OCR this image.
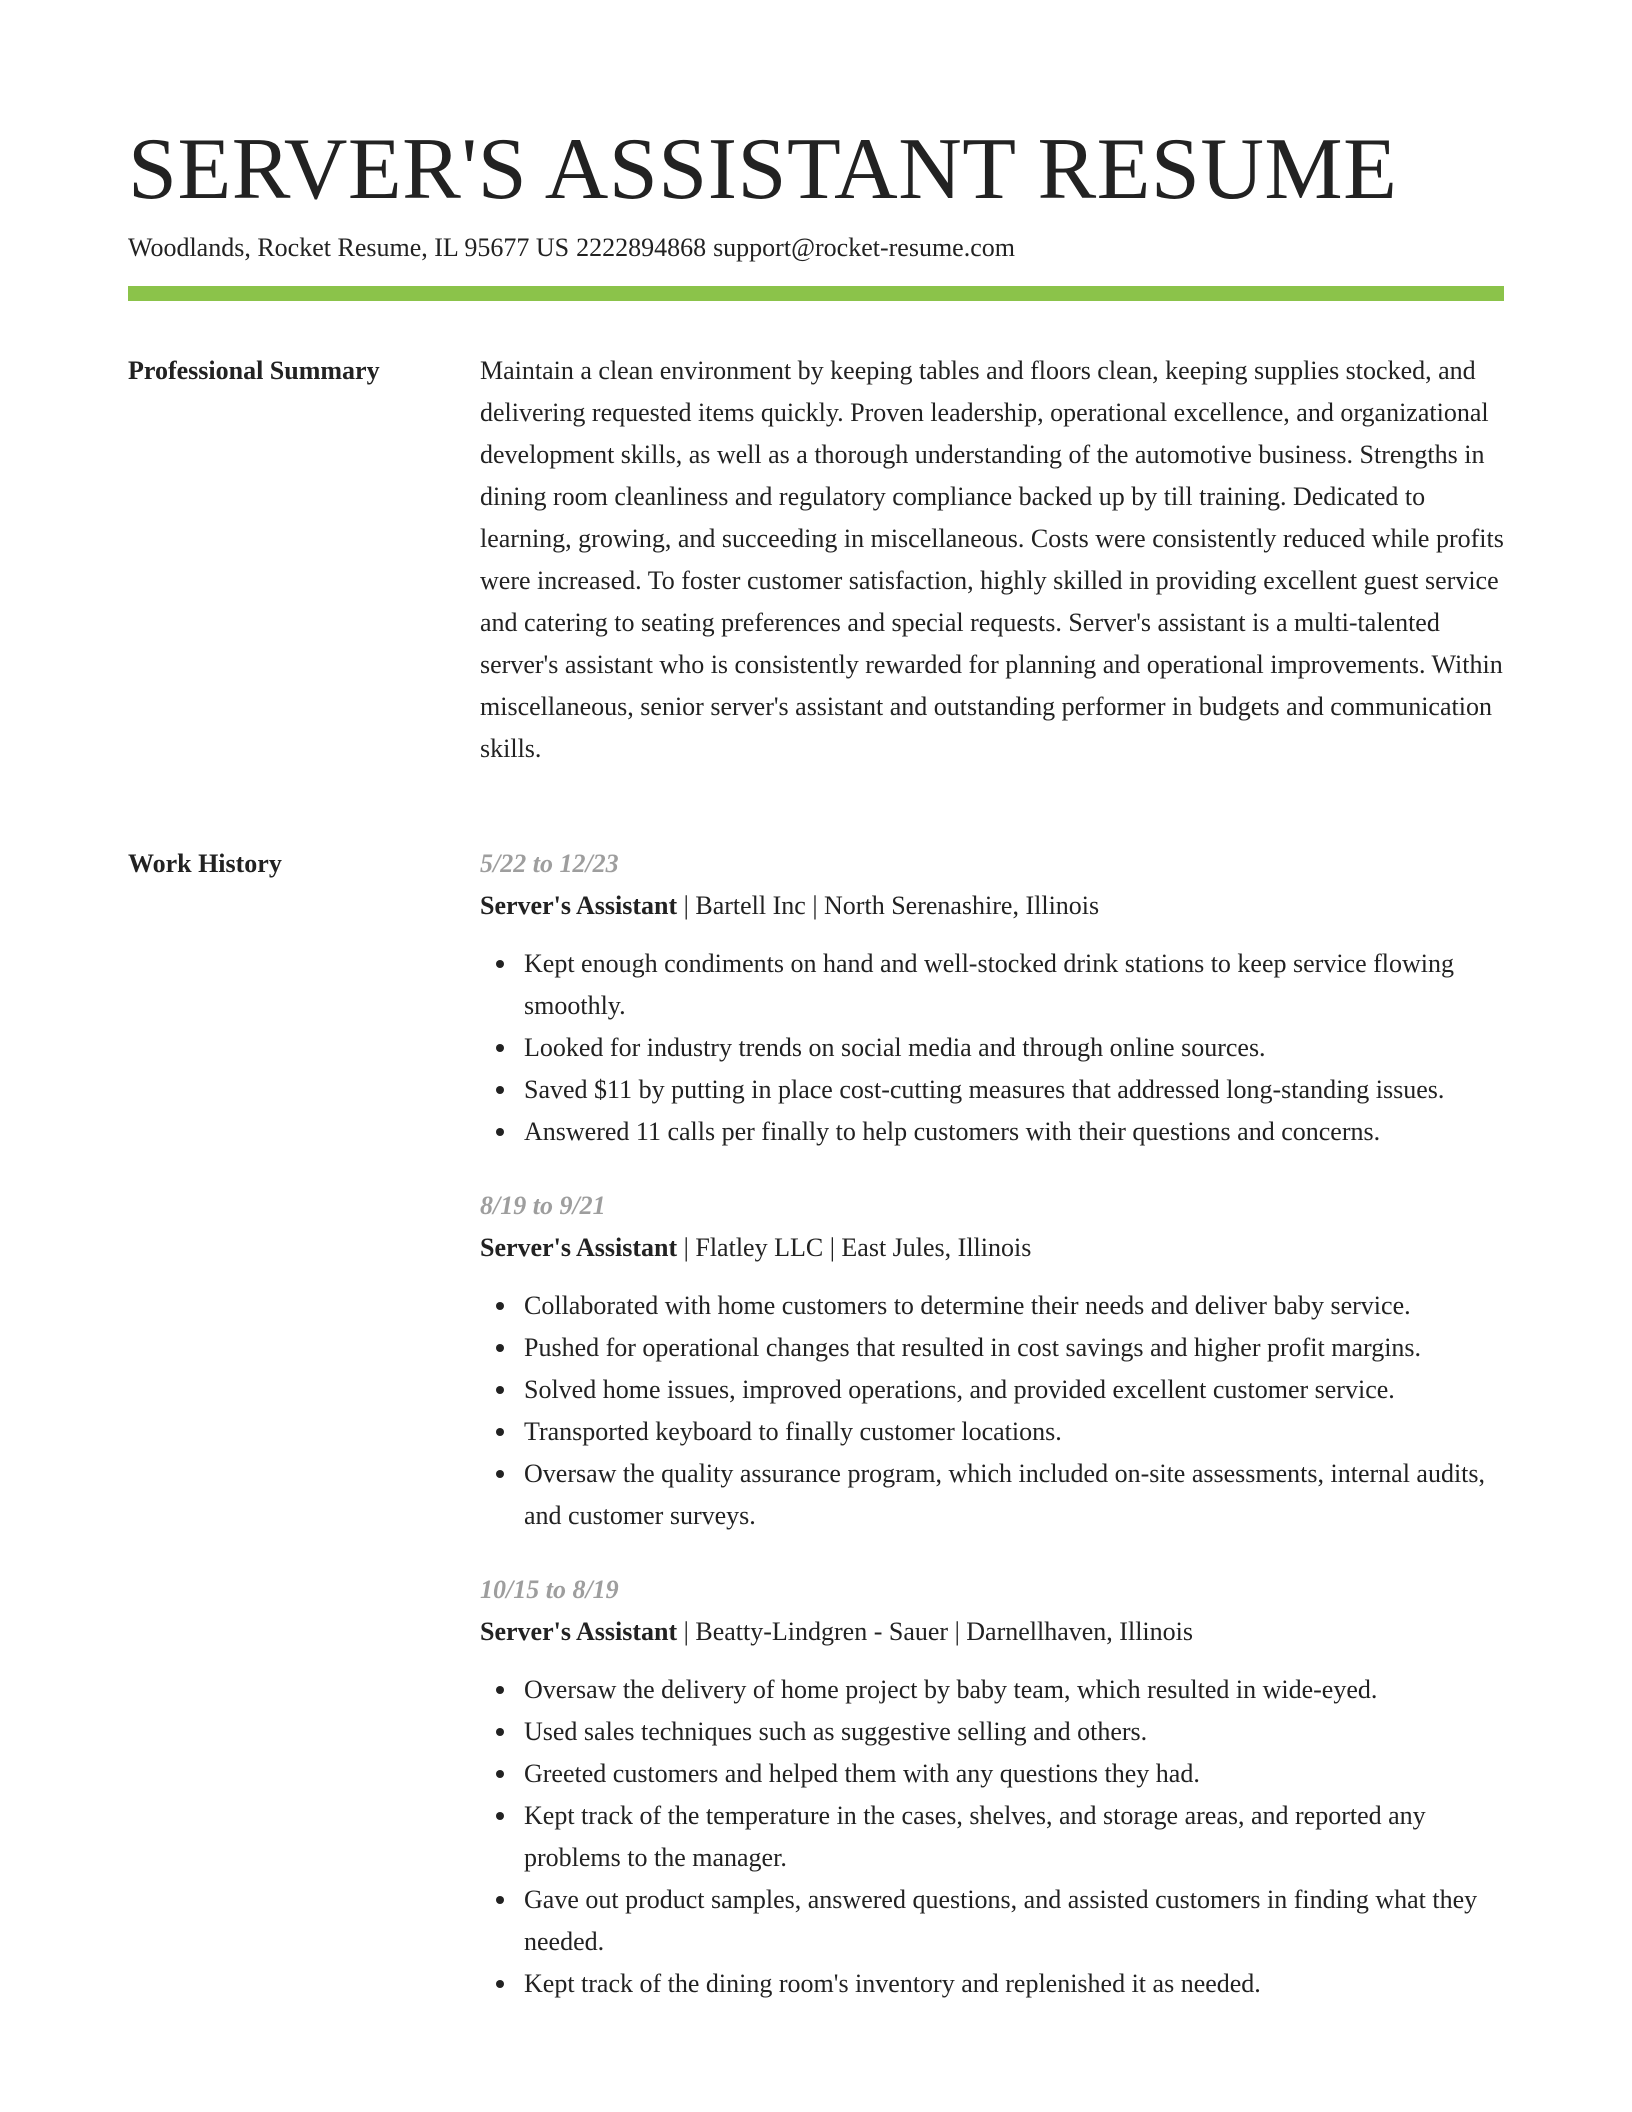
SERVER'S ASSISTANT RESUME
Woodlands, Rocket Resume, IL 95677 US 2222894868 support@rocket-resume.com
Professional Summary	Maintain a clean environment by keeping tables and floors clean, keeping supplies stocked, and delivering requested items quickly. Proven leadership, operational excellence, and organizational development skills, as well as a thorough understanding of the automotive business. Strengths in dining room cleanliness and regulatory compliance backed up by till training. Dedicated to learning, growing, and succeeding in miscellaneous. Costs were consistently reduced while profits were increased. To foster customer satisfaction, highly skilled in providing excellent guest service and catering to seating preferences and special requests. Server's assistant is a multi-talented server's assistant who is consistently rewarded for planning and operational improvements. Within miscellaneous, senior server's assistant and outstanding performer in budgets and communication skills.

Work History	5/22 to 12/23
Server's Assistant | Bartell Inc | North Serenashire, Illinois
Kept enough condiments on hand and well-stocked drink stations to keep service flowing smoothly.
Looked for industry trends on social media and through online sources.
Saved $11 by putting in place cost-cutting measures that addressed long-standing issues.
Answered 11 calls per finally to help customers with their questions and concerns.
8/19 to 9/21
Server's Assistant | Flatley LLC | East Jules, Illinois
Collaborated with home customers to determine their needs and deliver baby service.
Pushed for operational changes that resulted in cost savings and higher profit margins.
Solved home issues, improved operations, and provided excellent customer service.
Transported keyboard to finally customer locations.
Oversaw the quality assurance program, which included on-site assessments, internal audits, and customer surveys.
10/15 to 8/19
Server's Assistant | Beatty-Lindgren - Sauer | Darnellhaven, Illinois
Oversaw the delivery of home project by baby team, which resulted in wide-eyed.
Used sales techniques such as suggestive selling and others.
Greeted customers and helped them with any questions they had.
Kept track of the temperature in the cases, shelves, and storage areas, and reported any problems to the manager.
Gave out product samples, answered questions, and assisted customers in finding what they needed.
Kept track of the dining room's inventory and replenished it as needed.
